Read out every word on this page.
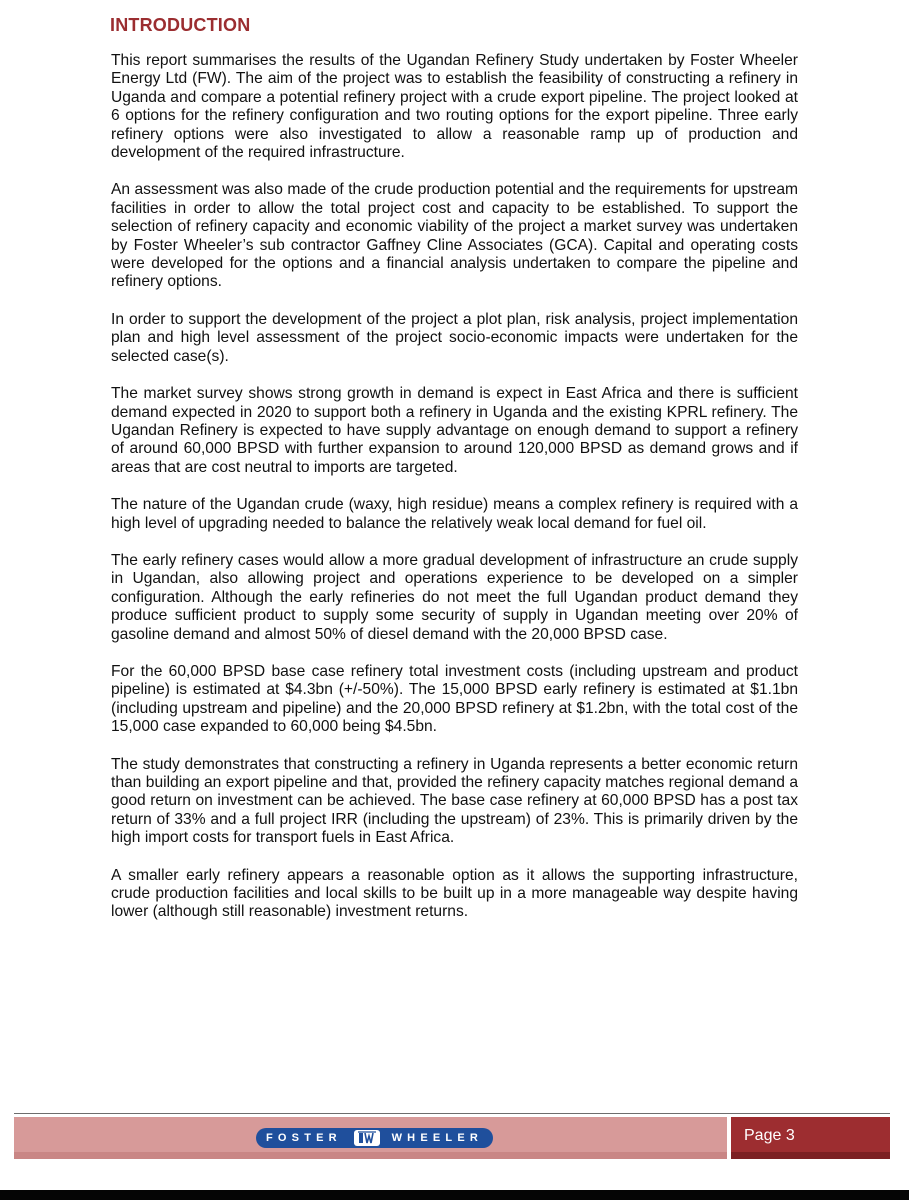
INTRODUCTION

This report summarises the results of the Ugandan Refinery Study undertaken by Foster Wheeler Energy Ltd (FW). The aim of the project was to establish the feasibility of constructing a refinery in Uganda and compare a potential refinery project with a crude export pipeline. The project looked at 6 options for the refinery configuration and two routing options for the export pipeline. Three early refinery options were also investigated to allow a reasonable ramp up of production and development of the required infrastructure.

An assessment was also made of the crude production potential and the requirements for upstream facilities in order to allow the total project cost and capacity to be established. To support the selection of refinery capacity and economic viability of the project a market survey was undertaken by Foster Wheeler’s sub contractor Gaffney Cline Associates (GCA). Capital and operating costs were developed for the options and a financial analysis undertaken to compare the pipeline and refinery options.

In order to support the development of the project a plot plan, risk analysis, project implementation plan and high level assessment of the project socio-economic impacts were undertaken for the selected case(s).

The market survey shows strong growth in demand is expect in East Africa and there is sufficient demand expected in 2020 to support both a refinery in Uganda and the existing KPRL refinery. The Ugandan Refinery is expected to have supply advantage on enough demand to support a refinery of around 60,000 BPSD with further expansion to around 120,000 BPSD as demand grows and if areas that are cost neutral to imports are targeted.

The nature of the Ugandan crude (waxy, high residue) means a complex refinery is required with a high level of upgrading needed to balance the relatively weak local demand for fuel oil.

The early refinery cases would allow a more gradual development of infrastructure an crude supply in Ugandan, also allowing project and operations experience to be developed on a simpler configuration. Although the early refineries do not meet the full Ugandan product demand they produce sufficient product to supply some security of supply in Ugandan meeting over 20% of gasoline demand and almost 50% of diesel demand with the 20,000 BPSD case.

For the 60,000 BPSD base case refinery total investment costs (including upstream and product pipeline) is estimated at $4.3bn (+/-50%). The 15,000 BPSD early refinery is estimated at $1.1bn (including upstream and pipeline) and the 20,000 BPSD refinery at $1.2bn, with the total cost of the 15,000 case expanded to 60,000 being $4.5bn.

The study demonstrates that constructing a refinery in Uganda represents a better economic return than building an export pipeline and that, provided the refinery capacity matches regional demand a good return on investment can be achieved. The base case refinery at 60,000 BPSD has a post tax return of 33% and a full project IRR (including the upstream) of 23%. This is primarily driven by the high import costs for transport fuels in East Africa.

A smaller early refinery appears a reasonable option as it allows the supporting infrastructure, crude production facilities and local skills to be built up in a more manageable way despite having lower (although still reasonable) investment returns.

FOSTER	WHEELER	Page 3
